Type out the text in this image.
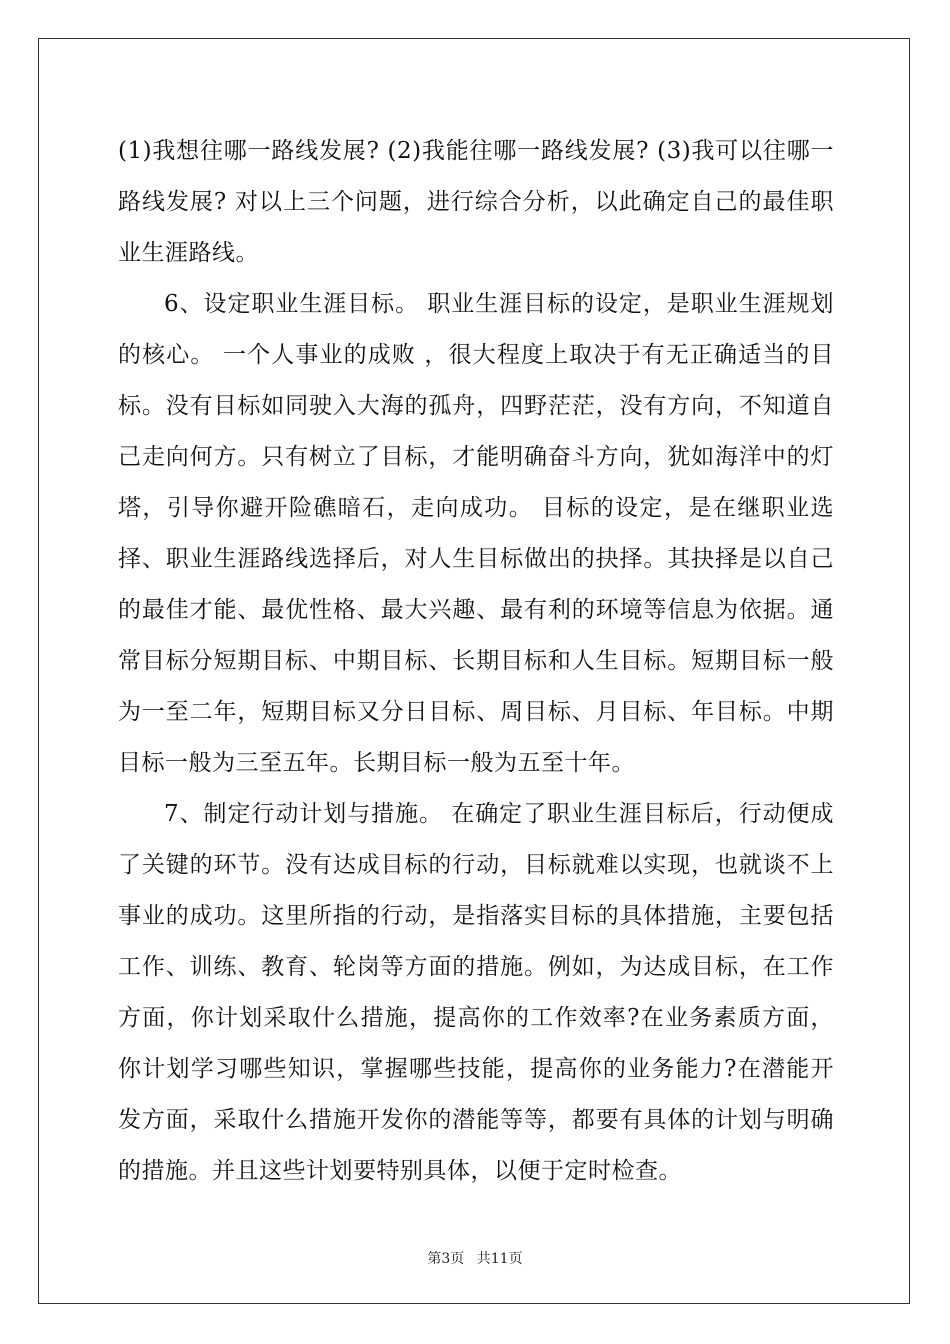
(1)我想往哪一路线发展? (2)我能往哪一路线发展? (3)我可以往哪一路线发展? 对以上三个问题，进行综合分析，以此确定自己的最佳职业生涯路线。

6、设定职业生涯目标。 职业生涯目标的设定，是职业生涯规划的核心。 一个人事业的成败 ，很大程度上取决于有无正确适当的目标。没有目标如同驶入大海的孤舟，四野茫茫，没有方向，不知道自己走向何方。只有树立了目标，才能明确奋斗方向，犹如海洋中的灯塔，引导你避开险礁暗石，走向成功。 目标的设定，是在继职业选择、职业生涯路线选择后，对人生目标做出的抉择。其抉择是以自己的最佳才能、最优性格、最大兴趣、最有利的环境等信息为依据。通常目标分短期目标、中期目标、长期目标和人生目标。短期目标一般为一至二年，短期目标又分日目标、周目标、月目标、年目标。中期目标一般为三至五年。长期目标一般为五至十年。

7、制定行动计划与措施。 在确定了职业生涯目标后，行动便成了关键的环节。没有达成目标的行动，目标就难以实现，也就谈不上事业的成功。这里所指的行动，是指落实目标的具体措施，主要包括工作、训练、教育、轮岗等方面的措施。例如，为达成目标，在工作方面，你计划采取什么措施，提高你的工作效率?在业务素质方面，你计划学习哪些知识，掌握哪些技能，提高你的业务能力?在潜能开发方面，采取什么措施开发你的潜能等等，都要有具体的计划与明确的措施。并且这些计划要特别具体，以便于定时检查。

第3页 共11页
